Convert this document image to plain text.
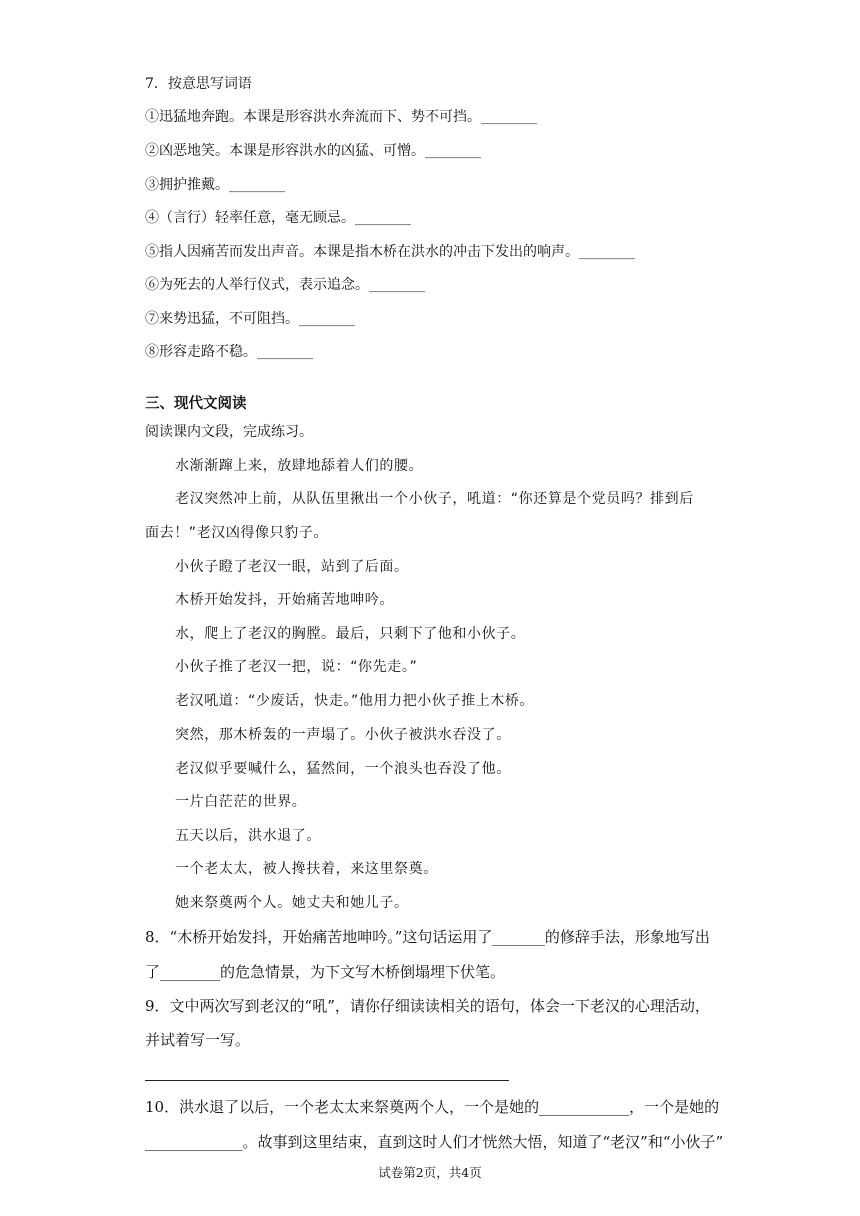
7．按意思写词语
①迅猛地奔跑。本课是形容洪水奔流而下、势不可挡。________
②凶恶地笑。本课是形容洪水的凶猛、可憎。________
③拥护推戴。________
④（言行）轻率任意，毫无顾忌。________
⑤指人因痛苦而发出声音。本课是指木桥在洪水的冲击下发出的响声。________
⑥为死去的人举行仪式，表示追念。________
⑦来势迅猛，不可阻挡。________
⑧形容走路不稳。________
三、现代文阅读
阅读课内文段，完成练习。
水渐渐蹿上来，放肆地舔着人们的腰。
老汉突然冲上前，从队伍里揪出一个小伙子，吼道：“你还算是个党员吗？排到后
面去！”老汉凶得像只豹子。
小伙子瞪了老汉一眼，站到了后面。
木桥开始发抖，开始痛苦地呻吟。
水，爬上了老汉的胸膛。最后，只剩下了他和小伙子。
小伙子推了老汉一把，说：“你先走。”
老汉吼道：“少废话，快走。”他用力把小伙子推上木桥。
突然，那木桥轰的一声塌了。小伙子被洪水吞没了。
老汉似乎要喊什么，猛然间，一个浪头也吞没了他。
一片白茫茫的世界。
五天以后，洪水退了。
一个老太太，被人搀扶着，来这里祭奠。
她来祭奠两个人。她丈夫和她儿子。
8．“木桥开始发抖，开始痛苦地呻吟。”这句话运用了_______的修辞手法，形象地写出
了________的危急情景，为下文写木桥倒塌埋下伏笔。
9．文中两次写到老汉的“吼”，请你仔细读读相关的语句，体会一下老汉的心理活动，
并试着写一写。
10．洪水退了以后，一个老太太来祭奠两个人，一个是她的____________，一个是她的
_____________。故事到这里结束，直到这时人们才恍然大悟，知道了“老汉”和“小伙子”
试卷第2页，共4页
